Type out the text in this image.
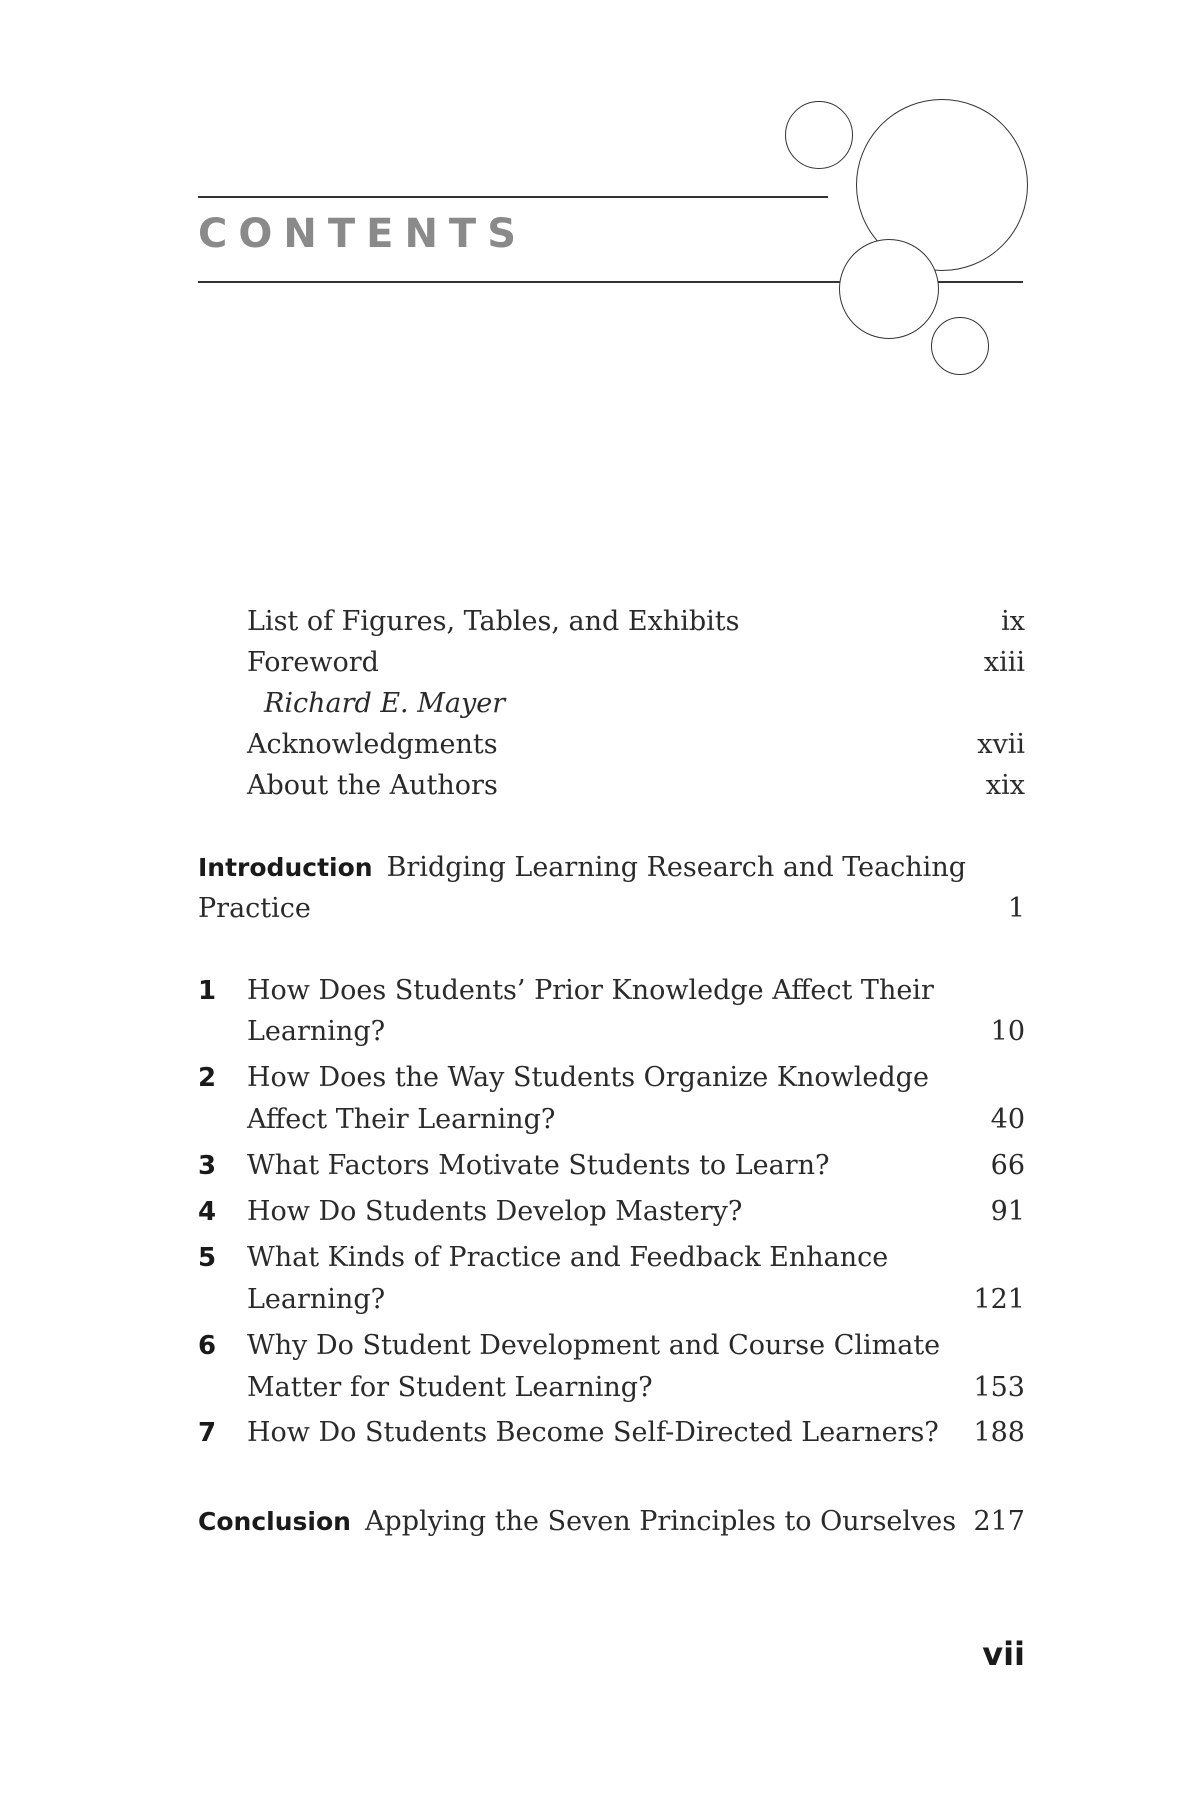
CONTENTS
List of Figures, Tables, and Exhibits	ix
Foreword	xiii
Richard E. Mayer
Acknowledgments	xvii
About the Authors	xix
Introduction Bridging Learning Research and Teaching
Practice	1
1 How Does Students’ Prior Knowledge Affect Their
Learning?	10
2 How Does the Way Students Organize Knowledge
Affect Their Learning?	40
3 What Factors Motivate Students to Learn?	66
4 How Do Students Develop Mastery?	91
5 What Kinds of Practice and Feedback Enhance
Learning?	121
6 Why Do Student Development and Course Climate
Matter for Student Learning?	153
7 How Do Students Become Self-Directed Learners? 188
Conclusion Applying the Seven Principles to Ourselves 217
vii
